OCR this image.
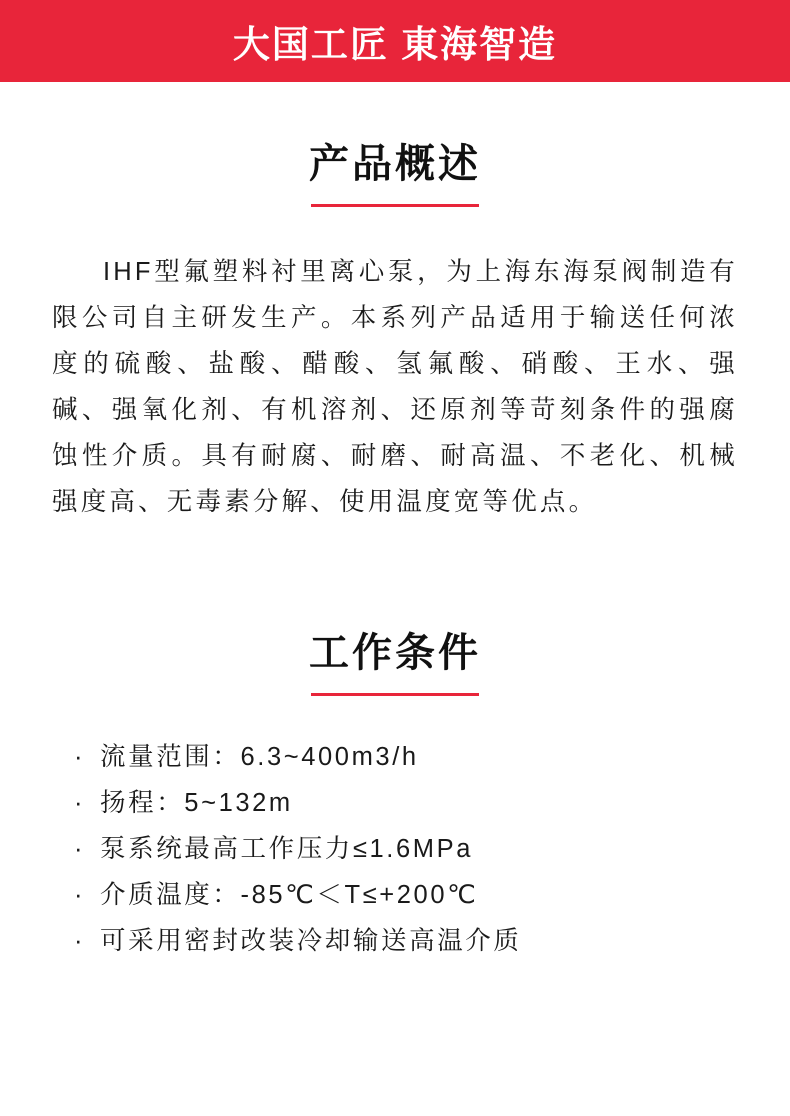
大国工匠 東海智造
产品概述
IHF型氟塑料衬里离心泵，为上海东海泵阀制造有限公司自主研发生产。本系列产品适用于输送任何浓度的硫酸、盐酸、醋酸、氢氟酸、硝酸、王水、强碱、强氧化剂、有机溶剂、还原剂等苛刻条件的强腐蚀性介质。具有耐腐、耐磨、耐高温、不老化、机械强度高、无毒素分解、使用温度宽等优点。
工作条件
· 流量范围：6.3~400m3/h
· 扬程：5~132m
· 泵系统最高工作压力≤1.6MPa
· 介质温度：-85℃＜T≤+200℃
· 可采用密封改装冷却输送高温介质
